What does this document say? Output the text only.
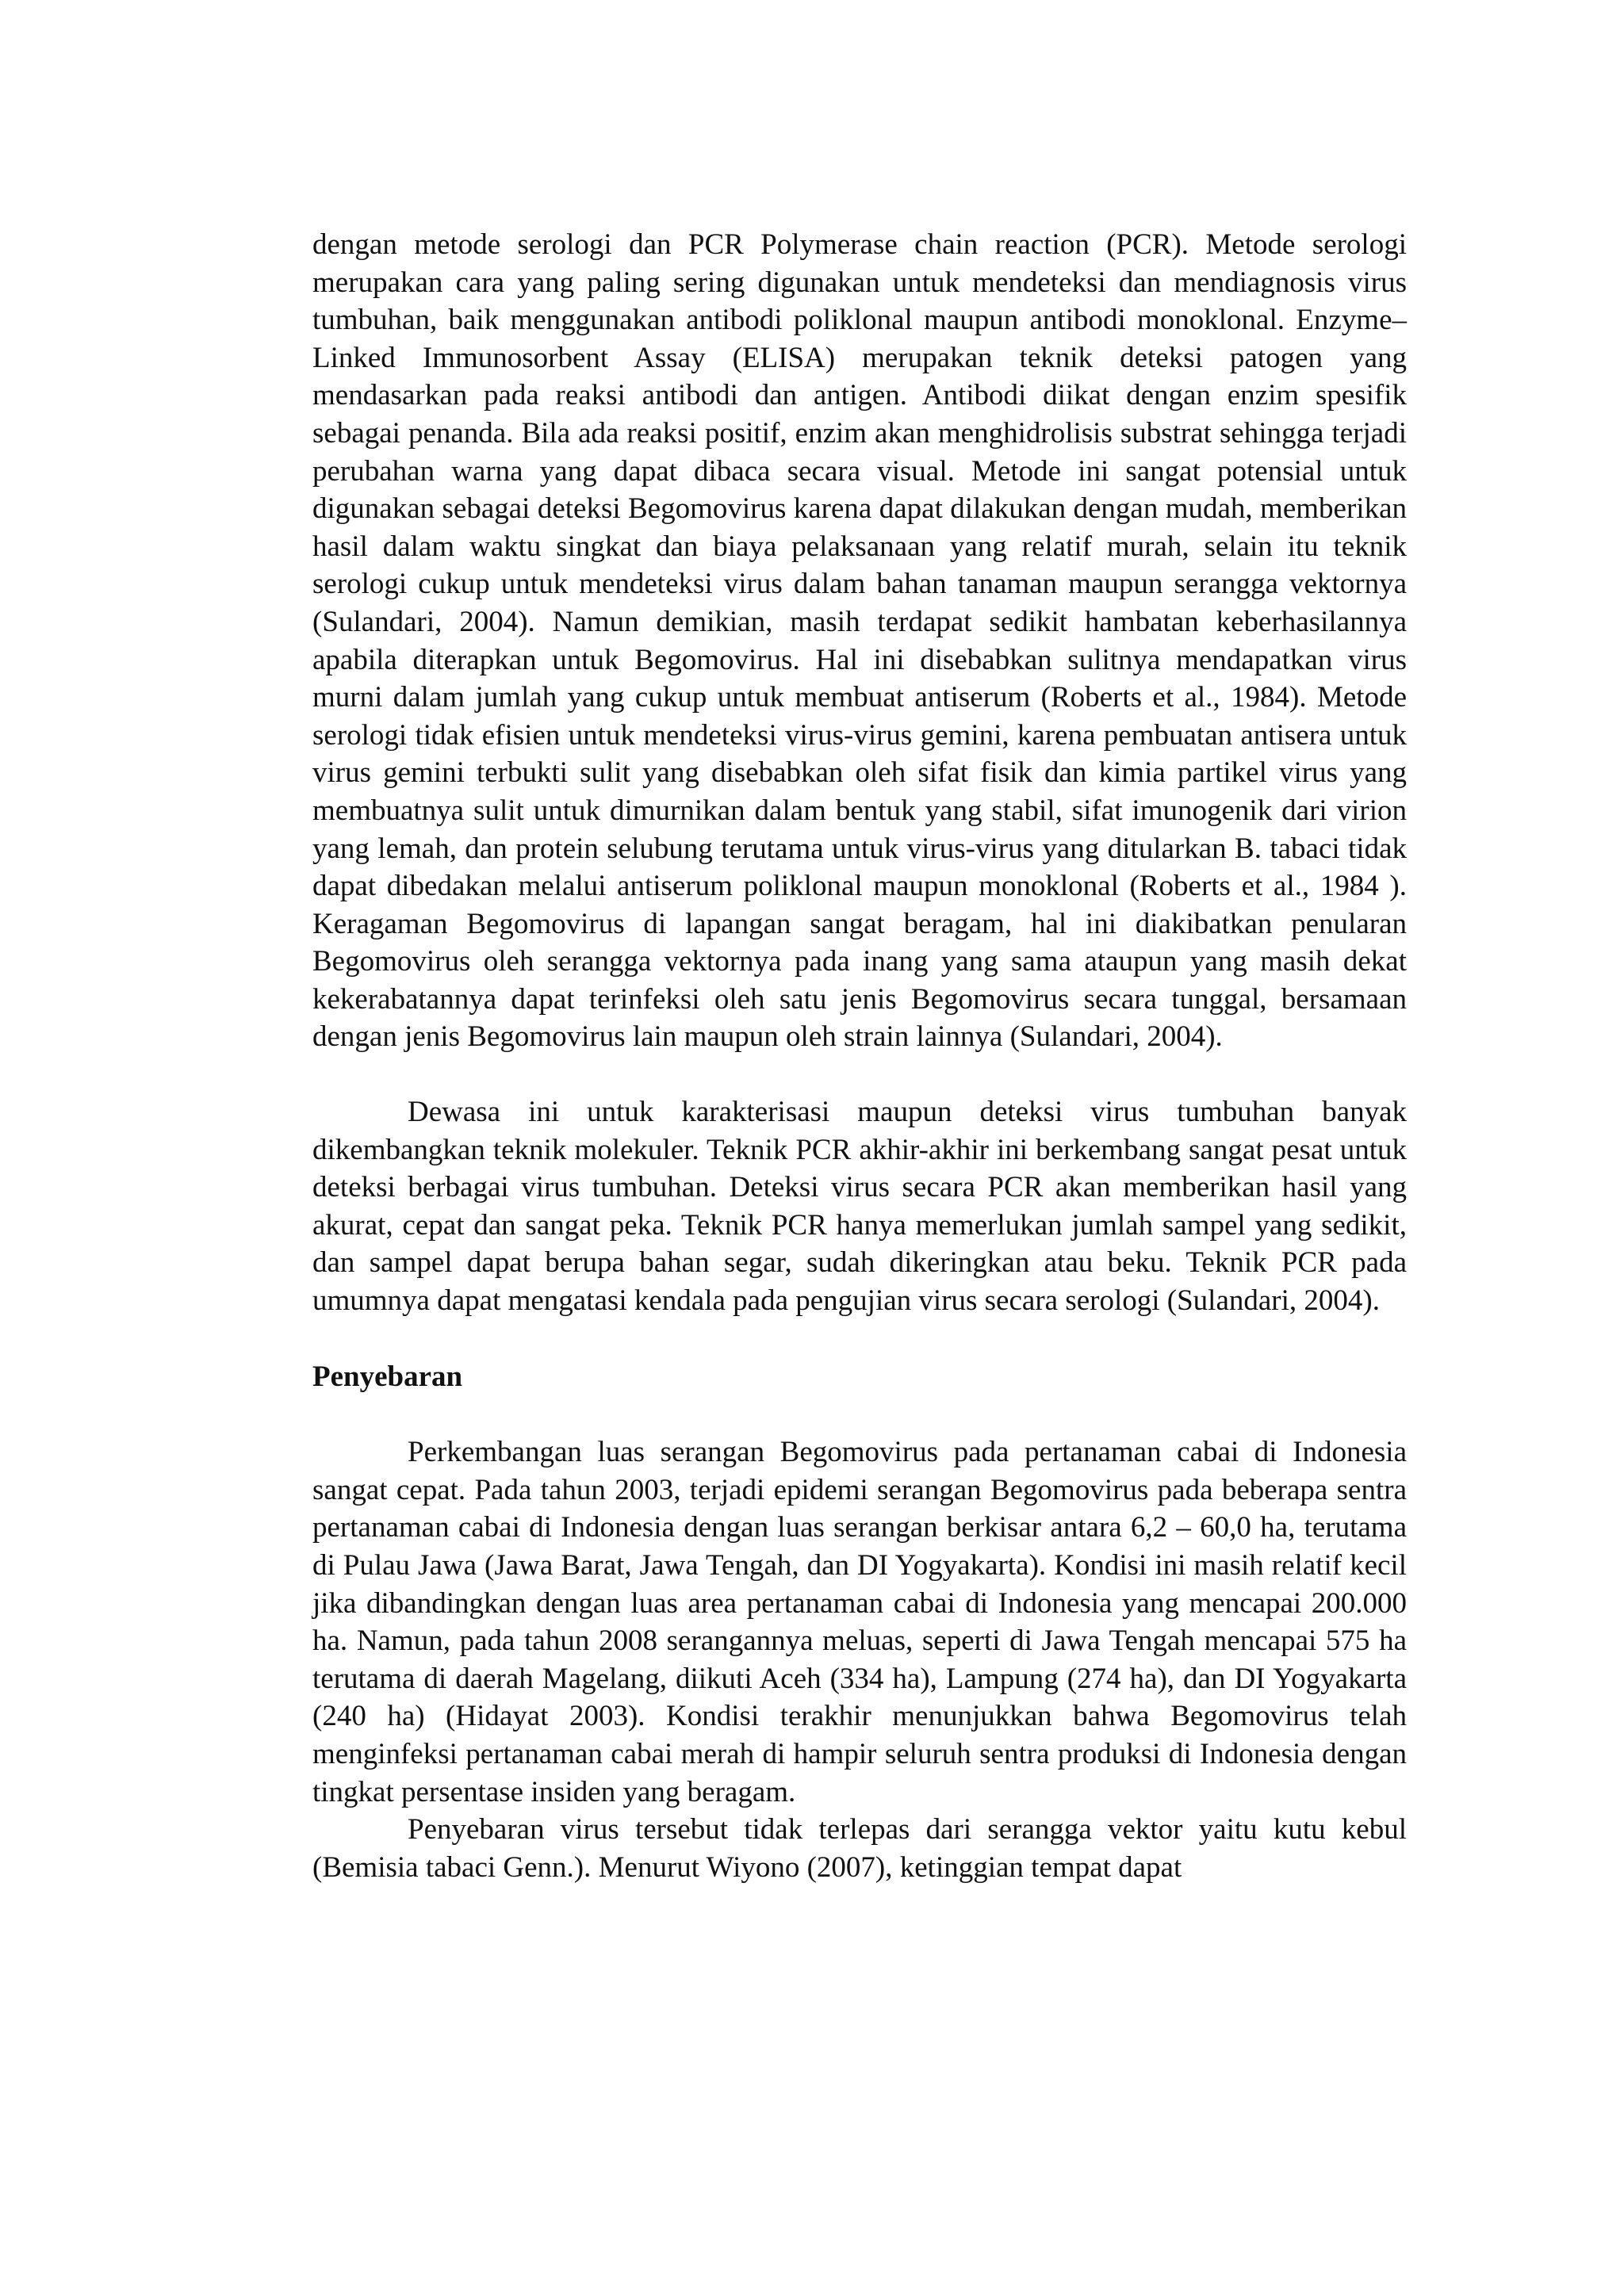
dengan metode serologi dan PCR Polymerase chain reaction (PCR). Metode serologi merupakan cara yang paling sering digunakan untuk mendeteksi dan mendiagnosis virus tumbuhan, baik menggunakan antibodi poliklonal maupun antibodi monoklonal. Enzyme–Linked Immunosorbent Assay (ELISA) merupakan teknik deteksi patogen yang mendasarkan pada reaksi antibodi dan antigen. Antibodi diikat dengan enzim spesifik sebagai penanda. Bila ada reaksi positif, enzim akan menghidrolisis substrat sehingga terjadi perubahan warna yang dapat dibaca secara visual. Metode ini sangat potensial untuk digunakan sebagai deteksi Begomovirus karena dapat dilakukan dengan mudah, memberikan hasil dalam waktu singkat dan biaya pelaksanaan yang relatif murah, selain itu teknik serologi cukup untuk mendeteksi virus dalam bahan tanaman maupun serangga vektornya (Sulandari, 2004). Namun demikian, masih terdapat sedikit hambatan keberhasilannya apabila diterapkan untuk Begomovirus. Hal ini disebabkan sulitnya mendapatkan virus murni dalam jumlah yang cukup untuk membuat antiserum (Roberts et al., 1984). Metode serologi tidak efisien untuk mendeteksi virus-virus gemini, karena pembuatan antisera untuk virus gemini terbukti sulit yang disebabkan oleh sifat fisik dan kimia partikel virus yang membuatnya sulit untuk dimurnikan dalam bentuk yang stabil, sifat imunogenik dari virion yang lemah, dan protein selubung terutama untuk virus-virus yang ditularkan B. tabaci tidak dapat dibedakan melalui antiserum poliklonal maupun monoklonal (Roberts et al., 1984 ). Keragaman Begomovirus di lapangan sangat beragam, hal ini diakibatkan penularan Begomovirus oleh serangga vektornya pada inang yang sama ataupun yang masih dekat kekerabatannya dapat terinfeksi oleh satu jenis Begomovirus secara tunggal, bersamaan dengan jenis Begomovirus lain maupun oleh strain lainnya (Sulandari, 2004).

Dewasa ini untuk karakterisasi maupun deteksi virus tumbuhan banyak dikembangkan teknik molekuler. Teknik PCR akhir-akhir ini berkembang sangat pesat untuk deteksi berbagai virus tumbuhan. Deteksi virus secara PCR akan memberikan hasil yang akurat, cepat dan sangat peka. Teknik PCR hanya memerlukan jumlah sampel yang sedikit, dan sampel dapat berupa bahan segar, sudah dikeringkan atau beku. Teknik PCR pada umumnya dapat mengatasi kendala pada pengujian virus secara serologi (Sulandari, 2004).

Penyebaran

Perkembangan luas serangan Begomovirus pada pertanaman cabai di Indonesia sangat cepat. Pada tahun 2003, terjadi epidemi serangan Begomovirus pada beberapa sentra pertanaman cabai di Indonesia dengan luas serangan berkisar antara 6,2 – 60,0 ha, terutama di Pulau Jawa (Jawa Barat, Jawa Tengah, dan DI Yogyakarta). Kondisi ini masih relatif kecil jika dibandingkan dengan luas area pertanaman cabai di Indonesia yang mencapai 200.000 ha. Namun, pada tahun 2008 serangannya meluas, seperti di Jawa Tengah mencapai 575 ha terutama di daerah Magelang, diikuti Aceh (334 ha), Lampung (274 ha), dan DI Yogyakarta (240 ha) (Hidayat 2003). Kondisi terakhir menunjukkan bahwa Begomovirus telah menginfeksi pertanaman cabai merah di hampir seluruh sentra produksi di Indonesia dengan tingkat persentase insiden yang beragam.

Penyebaran virus tersebut tidak terlepas dari serangga vektor yaitu kutu kebul (Bemisia tabaci Genn.). Menurut Wiyono (2007), ketinggian tempat dapat
